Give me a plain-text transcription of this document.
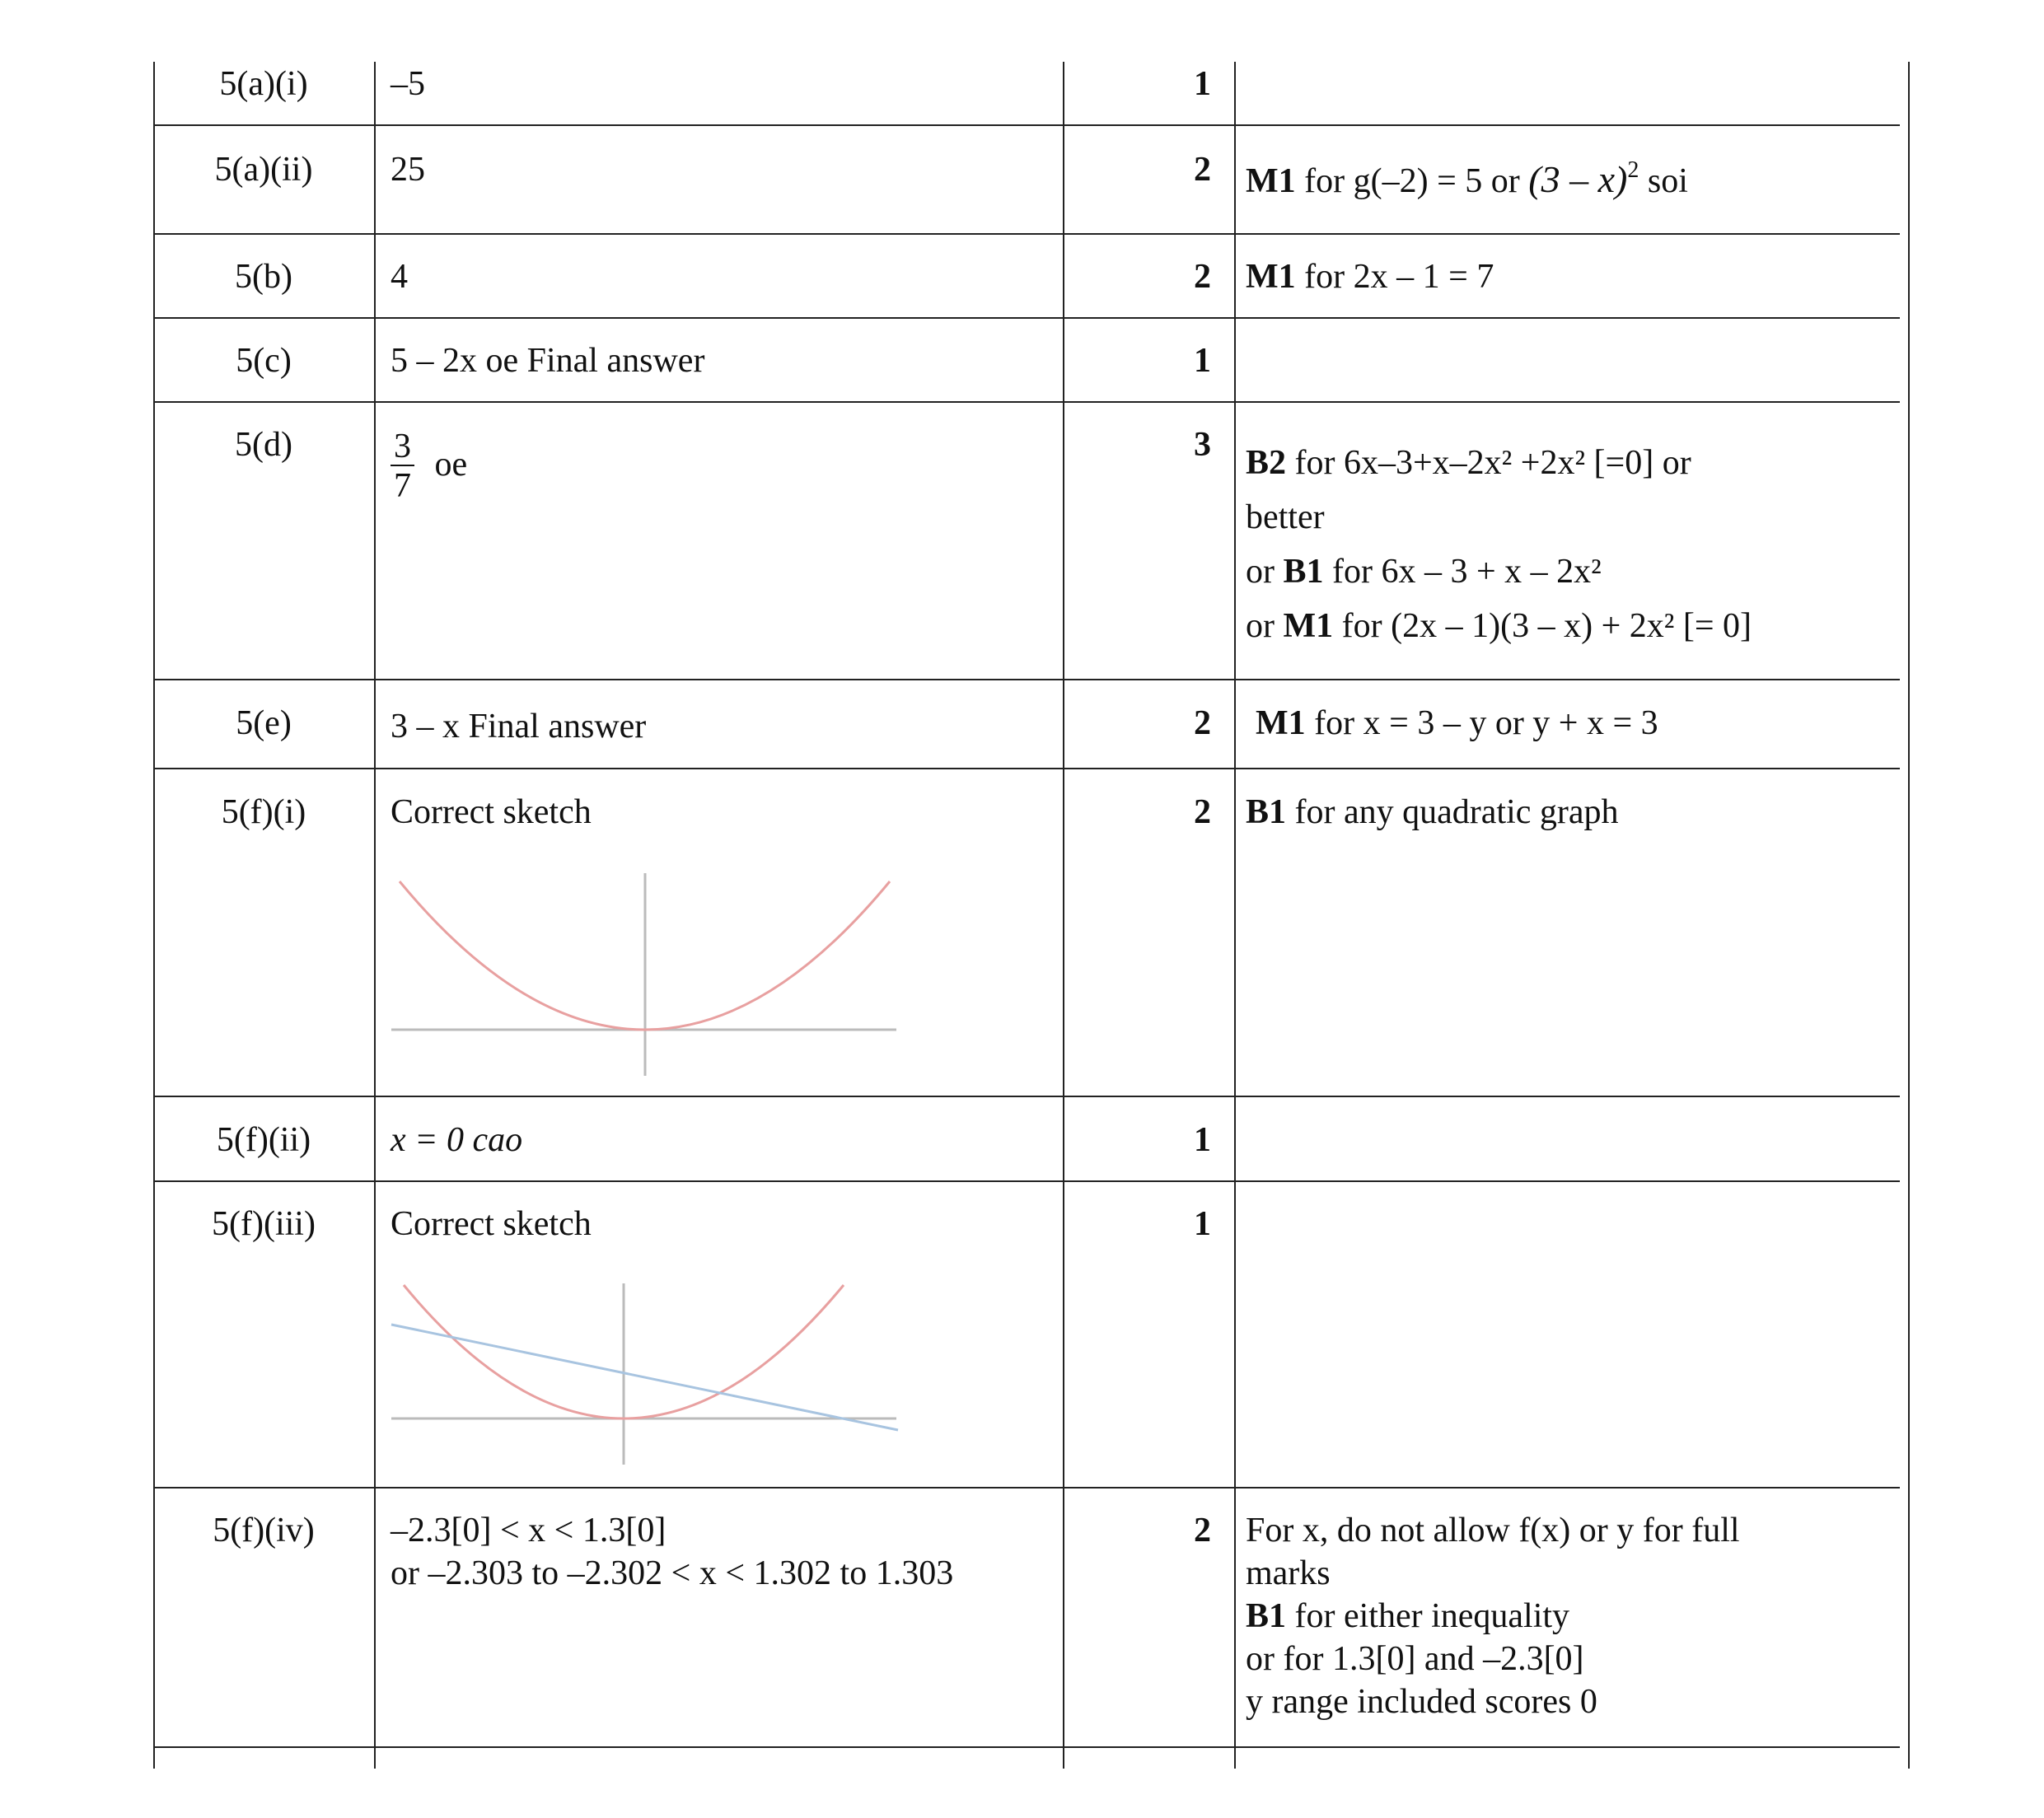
5(a)(i)	–5	1
5(a)(ii)	25	2 M1 for g(–2) = 5 or (3 – x)$^2$ soi
5(b)	4	2 M1 for 2x – 1 = 7
5(c)	5 – 2x oe Final answer	1
5(d)	$\frac{3}{7}$ oe
3 B2 for 6x–3+x–2x² +2x² [=0] or
better
or B1 for 6x – 3 + x – 2x²
or M1 for (2x – 1)(3 – x) + 2x² [= 0]
5(e)	3 – x Final answer	2 M1 for x = 3 – y or y + x = 3
5(f)(i)	Correct sketch	2 B1 for any quadratic graph
5(f)(ii)	x = 0 cao	1
5(f)(iii)	Correct sketch	1
5(f)(iv)	–2.3[0] < x < 1.3[0]
or –2.303 to –2.302 < x < 1.302 to 1.303
2 For x, do not allow f(x) or y for full
marks
B1 for either inequality
or for 1.3[0] and –2.3[0]
y range included scores 0
